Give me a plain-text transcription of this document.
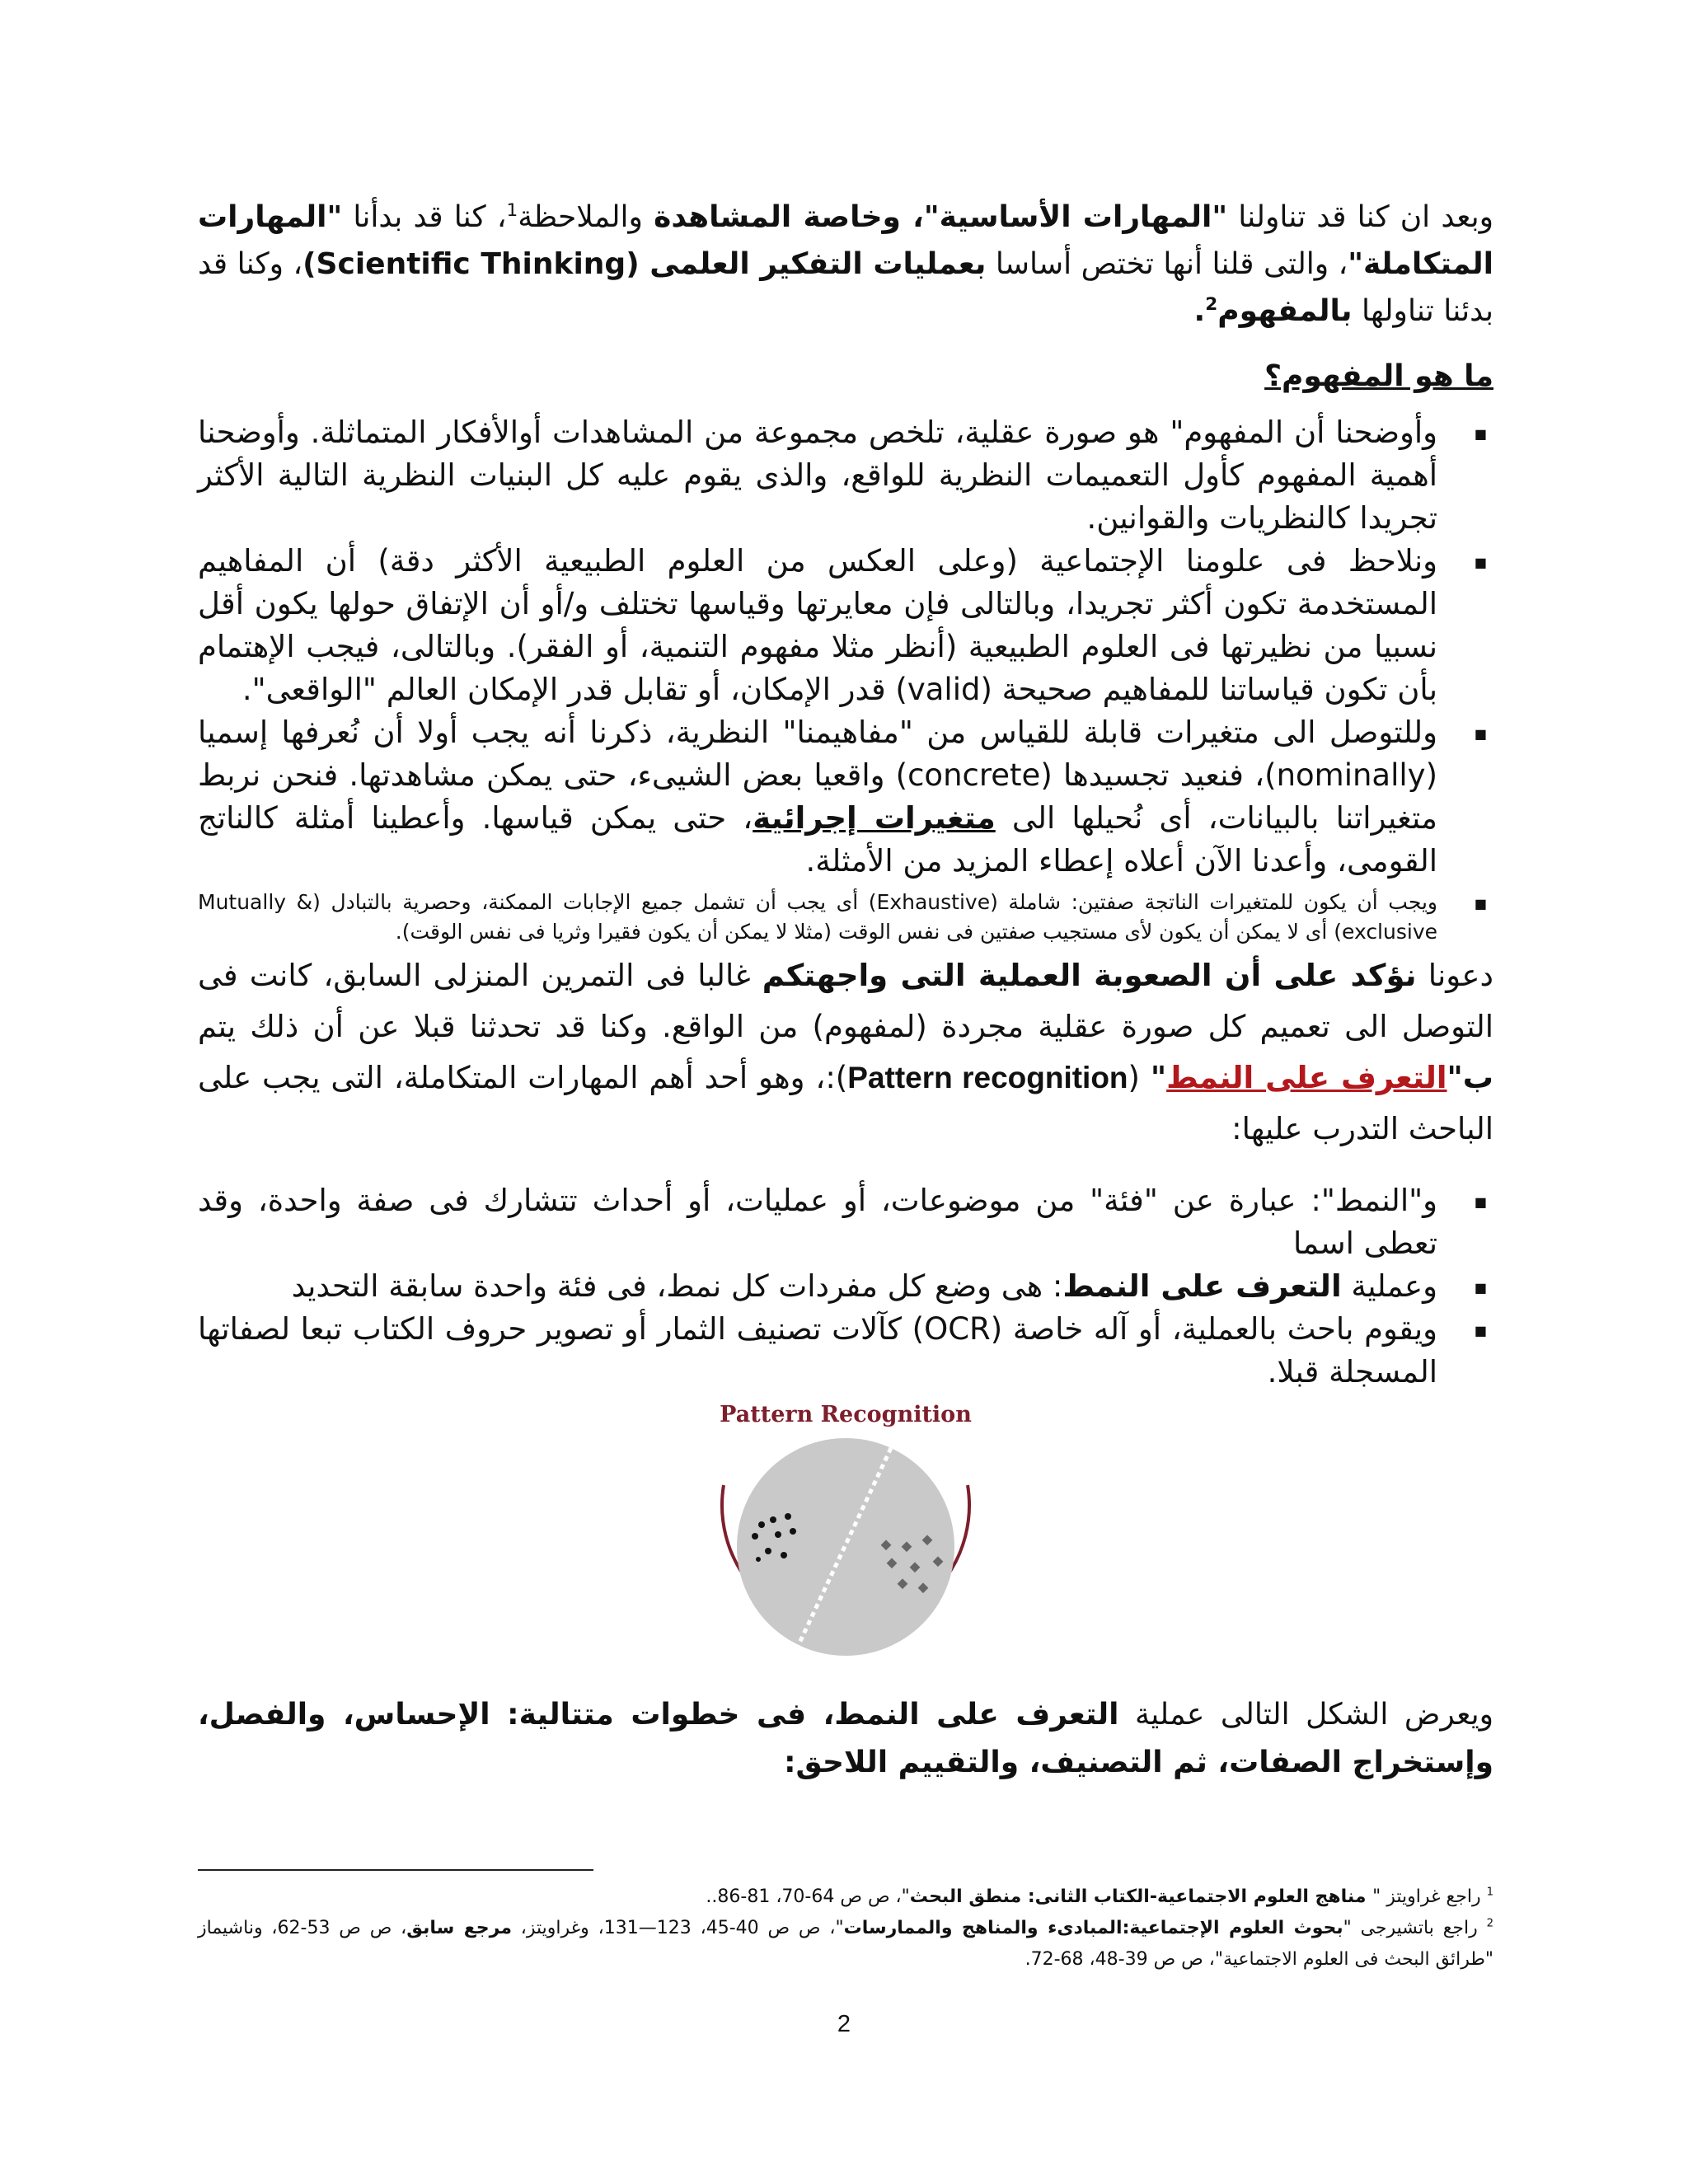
وبعد ان كنا قد تناولنا "المهارات الأساسية"، وخاصة المشاهدة والملاحظة$^1$، كنا قد بدأنا "المهارات المتكاملة"، والتى قلنا أنها تختص أساسا بعمليات التفكير العلمى (Scientific Thinking)، وكنا قد بدئنا تناولها بالمفهوم$^2$.

ما هو المفهوم؟
■ وأوضحنا أن المفهوم" هو صورة عقلية، تلخص مجموعة من المشاهدات أوالأفكار المتماثلة. وأوضحنا أهمية المفهوم كأول التعميمات النظرية للواقع، والذى يقوم عليه كل البنيات النظرية التالية الأكثر تجريدا كالنظريات والقوانين.
■ ونلاحظ فى علومنا الإجتماعية (وعلى العكس من العلوم الطبيعية الأكثر دقة) أن المفاهيم المستخدمة تكون أكثر تجريدا، وبالتالى فإن معايرتها وقياسها تختلف و/أو أن الإتفاق حولها يكون أقل نسبيا من نظيرتها فى العلوم الطبيعية (أنظر مثلا مفهوم التنمية، أو الفقر). وبالتالى، فيجب الإهتمام بأن تكون قياساتنا للمفاهيم صحيحة (valid) قدر الإمكان، أو تقابل قدر الإمكان العالم "الواقعى".
■ وللتوصل الى متغيرات قابلة للقياس من "مفاهيمنا" النظرية، ذكرنا أنه يجب أولا أن نُعرفها إسميا (nominally)، فنعيد تجسيدها (concrete) واقعيا بعض الشيىء، حتى يمكن مشاهدتها. فنحن نربط متغيراتنا بالبيانات، أى نُحيلها الى متغيرات إجرائية، حتى يمكن قياسها. وأعطينا أمثلة كالناتج القومى، وأعدنا الآن أعلاه إعطاء المزيد من الأمثلة.
■ ويجب أن يكون للمتغيرات الناتجة صفتين: شاملة (Exhaustive) أى يجب أن تشمل جميع الإجابات الممكنة، وحصرية بالتبادل (& Mutually exclusive) أى لا يمكن أن يكون لأى مستجيب صفتين فى نفس الوقت (مثلا لا يمكن أن يكون فقيرا وثريا فى نفس الوقت).

دعونا نؤكد على أن الصعوبة العملية التى واجهتكم غالبا فى التمرين المنزلى السابق، كانت فى التوصل الى تعميم كل صورة عقلية مجردة (لمفهوم) من الواقع. وكنا قد تحدثنا قبلا عن أن ذلك يتم ب"التعرف على النمط" (Pattern recognition):، وهو أحد أهم المهارات المتكاملة، التى يجب على الباحث التدرب عليها:

■ و"النمط": عبارة عن "فئة" من موضوعات، أو عمليات، أو أحداث تتشارك فى صفة واحدة، وقد تعطى اسما
■ وعملية التعرف على النمط: هى وضع كل مفردات كل نمط، فى فئة واحدة سابقة التحديد
■ ويقوم باحث بالعملية، أو آله خاصة (OCR) كآلات تصنيف الثمار أو تصوير حروف الكتاب تبعا لصفاتها المسجلة قبلا.

Pattern Recognition

ويعرض الشكل التالى عملية التعرف على النمط، فى خطوات متتالية: الإحساس، والفصل، وإستخراج الصفات، ثم التصنيف، والتقييم اللاحق:

$^1$ راجع غراويتز " مناهج العلوم الاجتماعية-الكتاب الثانى: منطق البحث"، ص ص 64-70، 81-86..

$^2$ راجع باتشيرجى "بحوث العلوم الإجتماعية:المبادىء والمناهج والممارسات"، ص ص 40-45، 123—131، وغراويتز، مرجع سابق، ص ص 53-62، وناشيماز "طرائق البحث فى العلوم الاجتماعية"، ص ص 39-48، 68-72.

2
